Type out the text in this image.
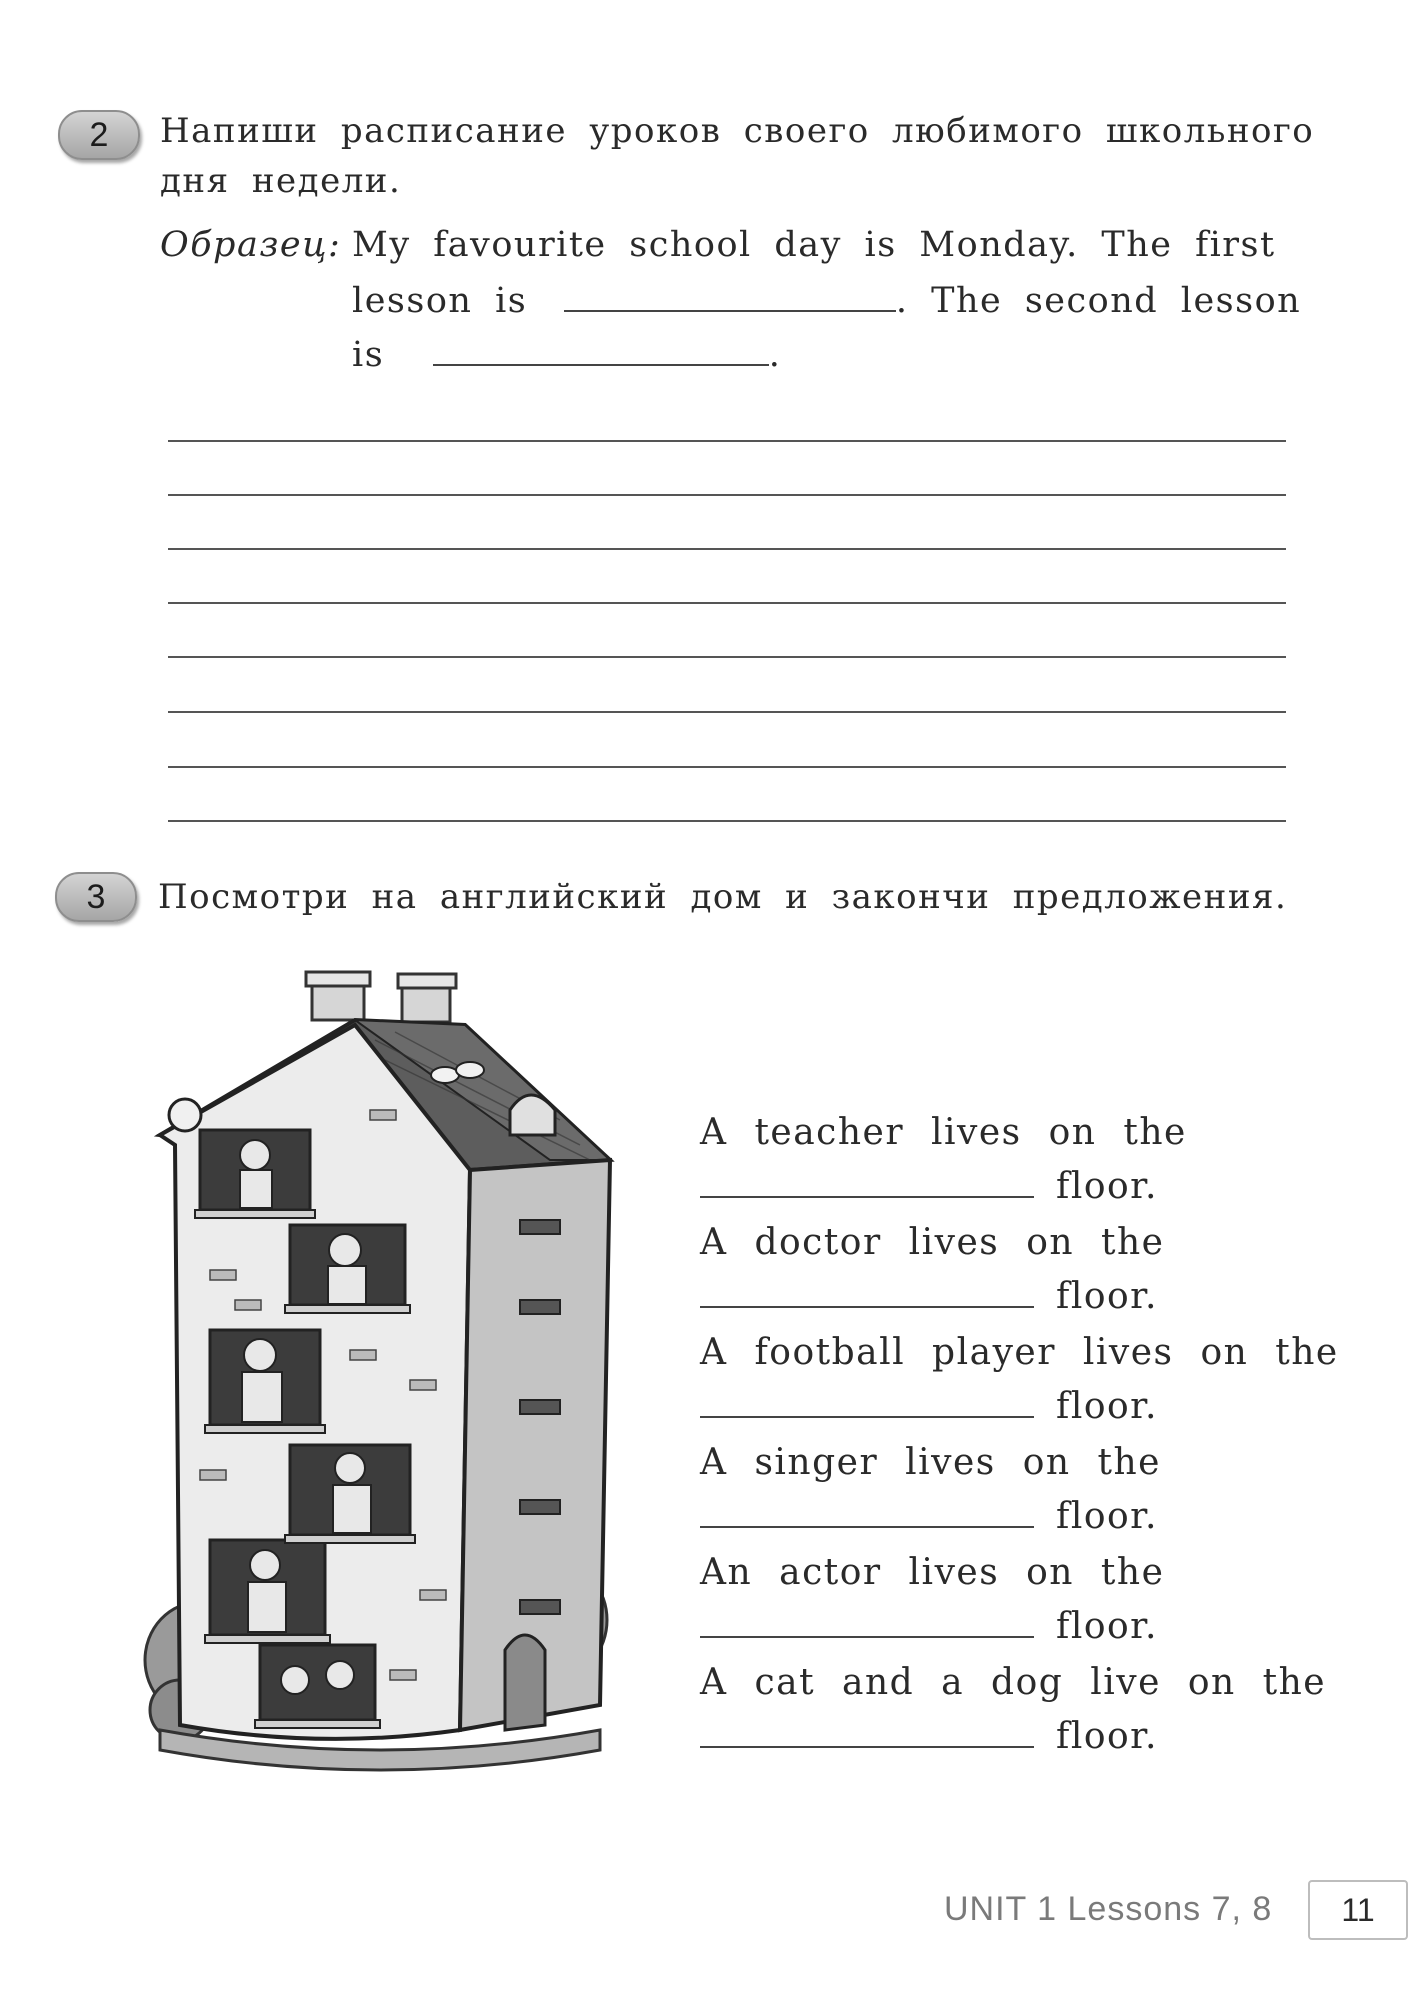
2	Напиши расписание уроков своего любимого школьного
дня недели.
Образец: My favourite school day is Monday. The first
lesson is	. The second lesson
is	.
3	Посмотри на английский дом и закончи предложения.
A teacher lives on the
floor.
A doctor lives on the
floor.
A football player lives on the
floor.
A singer lives on the
floor.
An actor lives on the
floor.
A cat and a dog live on the
floor.
UNIT 1 Lessons 7, 8	11
